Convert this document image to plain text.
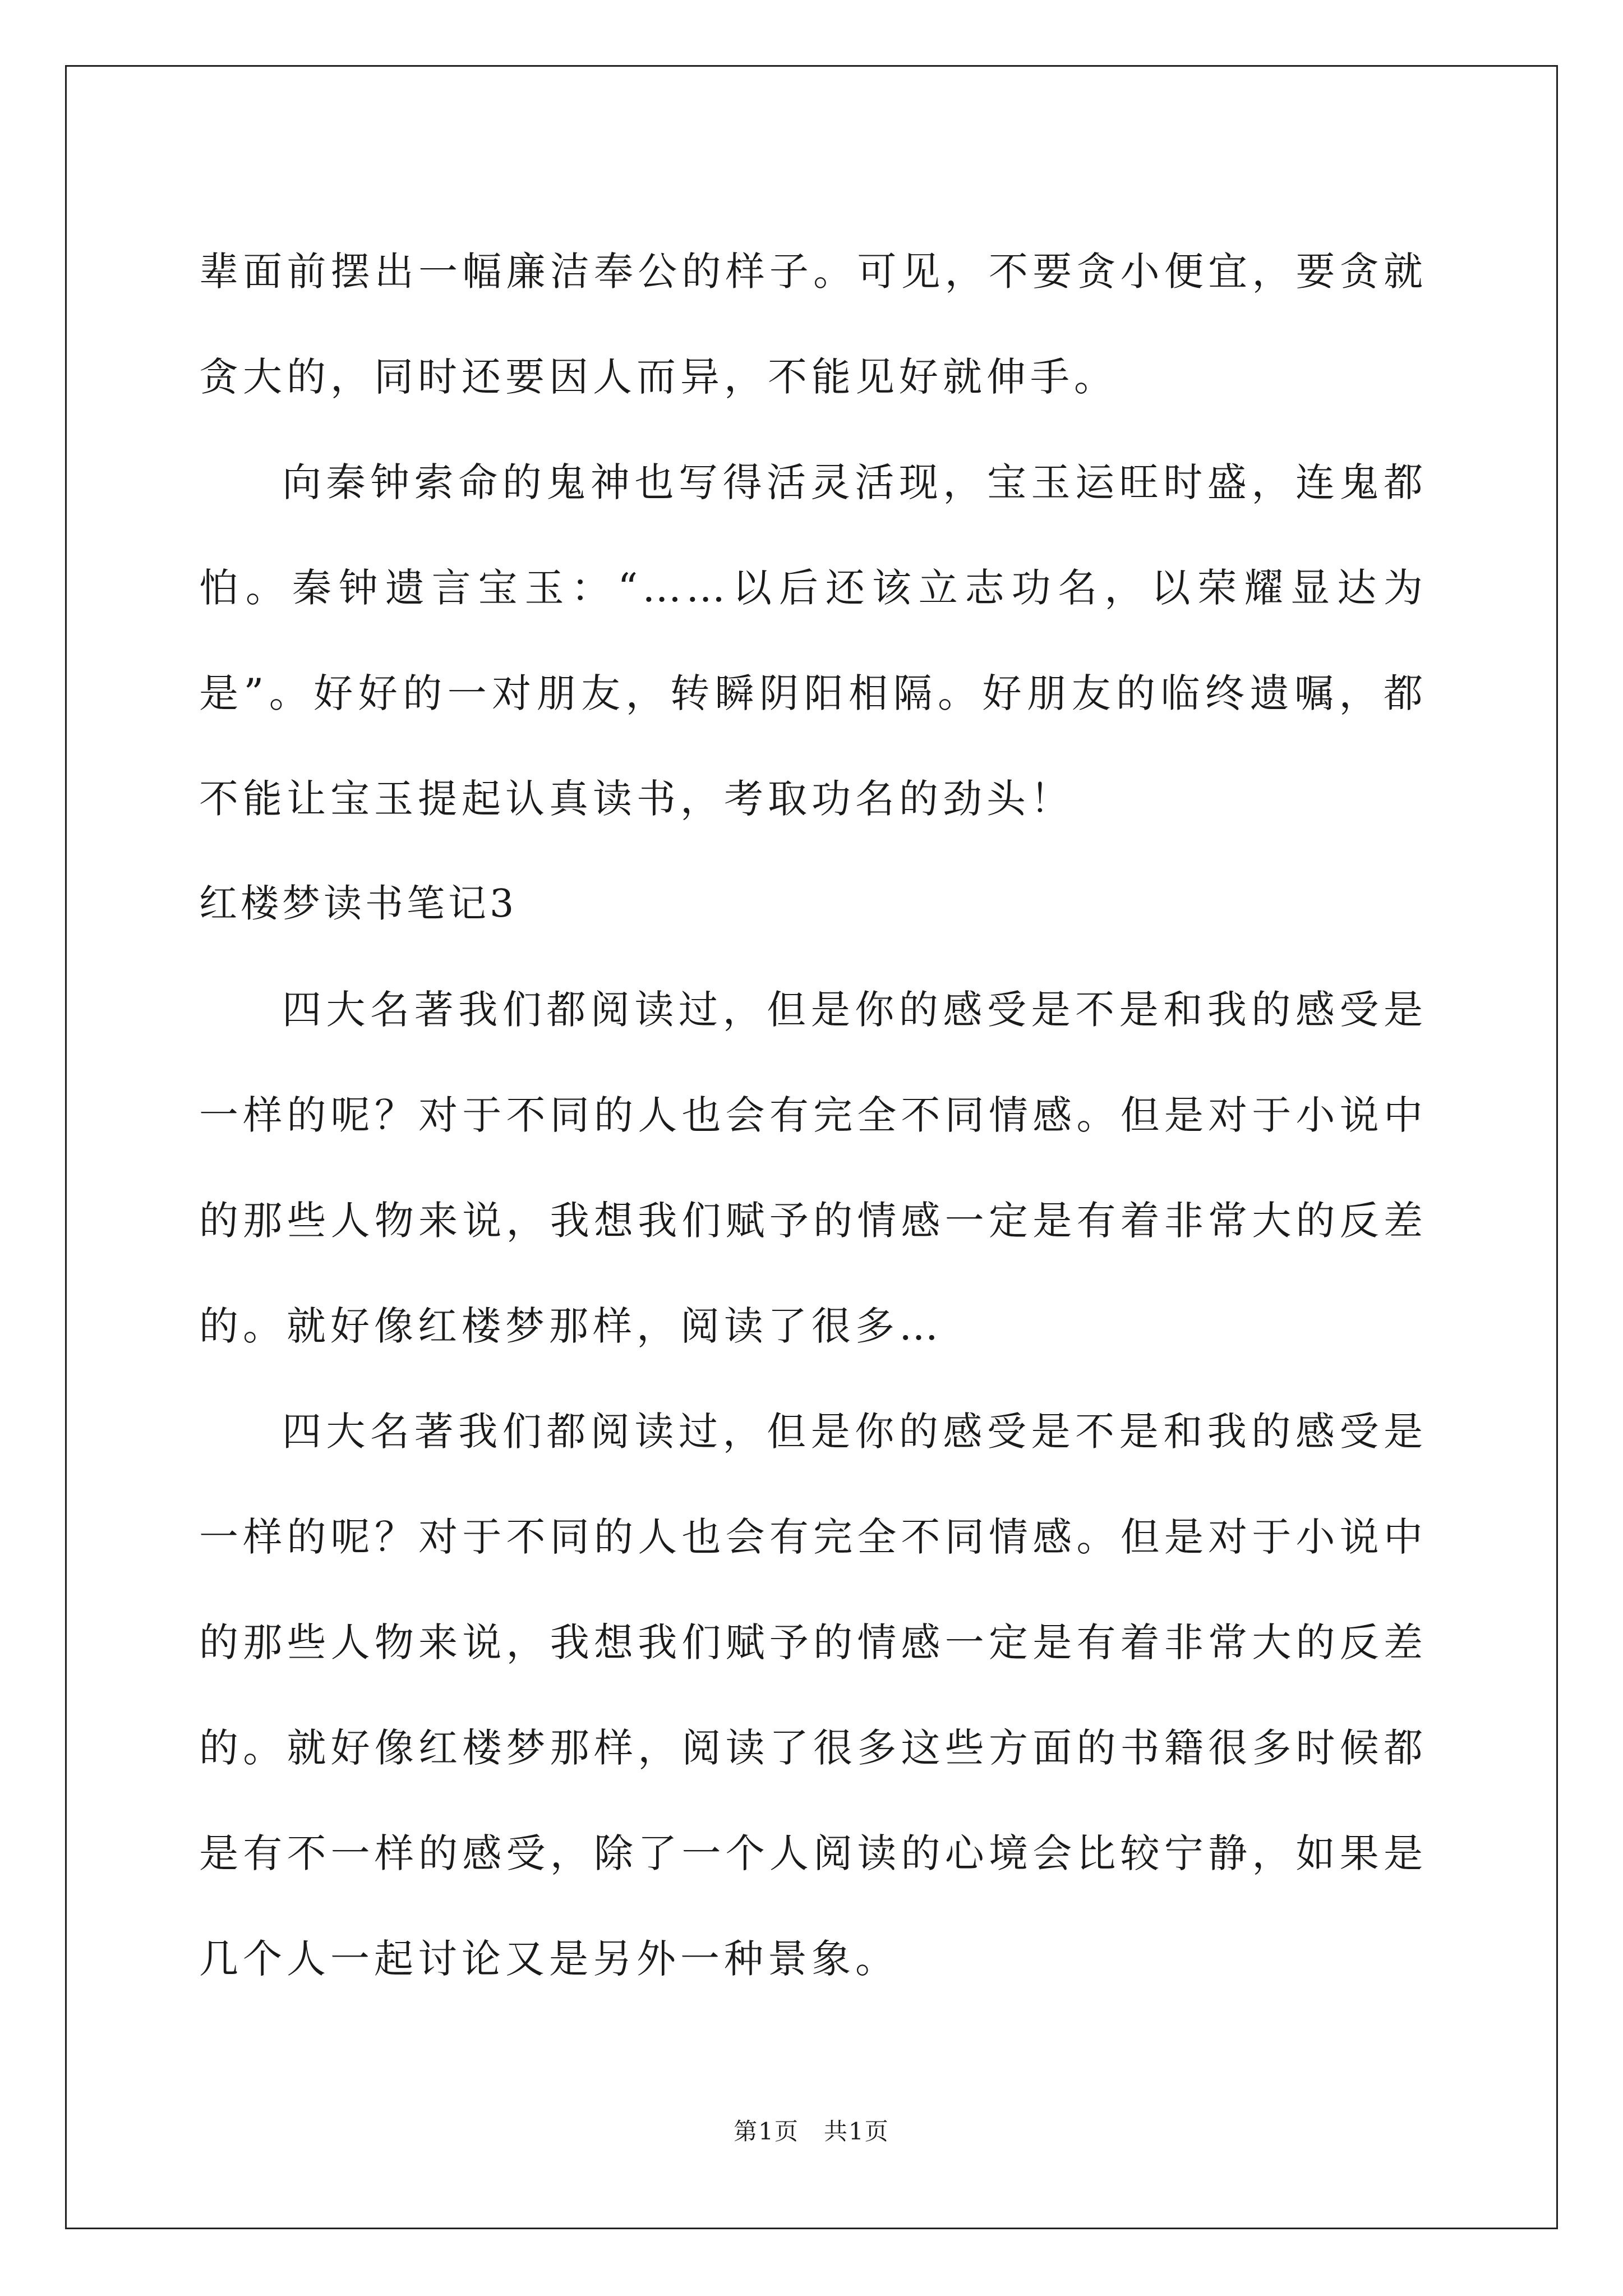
辈面前摆出一幅廉洁奉公的样子。可见，不要贪小便宜，要贪就贪大的，同时还要因人而异，不能见好就伸手。

向秦钟索命的鬼神也写得活灵活现，宝玉运旺时盛，连鬼都怕。秦钟遗言宝玉：“……以后还该立志功名，以荣耀显达为是”。好好的一对朋友，转瞬阴阳相隔。好朋友的临终遗嘱，都不能让宝玉提起认真读书，考取功名的劲头！

红楼梦读书笔记3

四大名著我们都阅读过，但是你的感受是不是和我的感受是一样的呢？对于不同的人也会有完全不同情感。但是对于小说中的那些人物来说，我想我们赋予的情感一定是有着非常大的反差的。就好像红楼梦那样，阅读了很多…

四大名著我们都阅读过，但是你的感受是不是和我的感受是一样的呢？对于不同的人也会有完全不同情感。但是对于小说中的那些人物来说，我想我们赋予的情感一定是有着非常大的反差的。就好像红楼梦那样，阅读了很多这些方面的书籍很多时候都是有不一样的感受，除了一个人阅读的心境会比较宁静，如果是几个人一起讨论又是另外一种景象。

第1页　共1页
